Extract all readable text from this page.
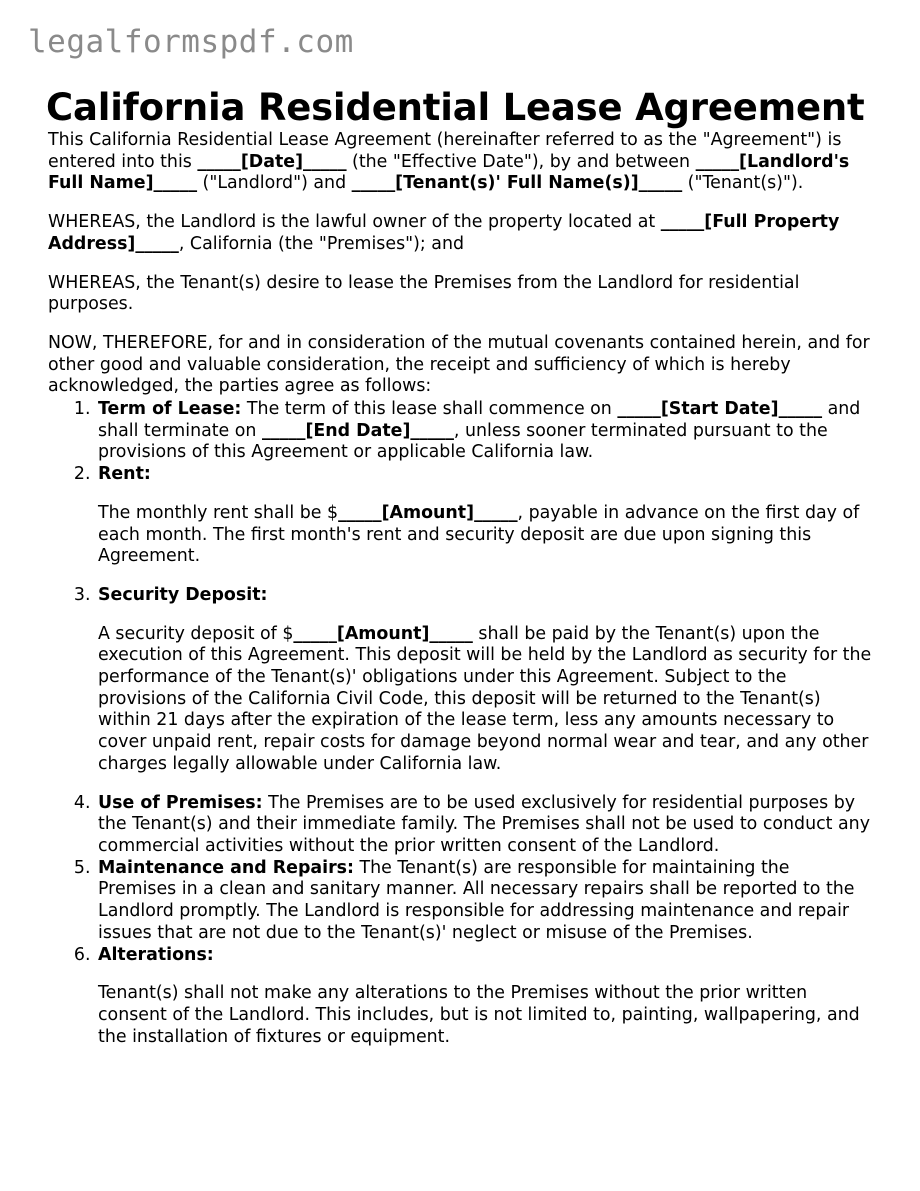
legalformspdf.com
California Residential Lease Agreement

This California Residential Lease Agreement (hereinafter referred to as the "Agreement") is entered into this _____[Date]_____ (the "Effective Date"), by and between _____[Landlord's Full Name]_____ ("Landlord") and _____[Tenant(s)' Full Name(s)]_____ ("Tenant(s)").

WHEREAS, the Landlord is the lawful owner of the property located at _____[Full Property Address]_____, California (the "Premises"); and

WHEREAS, the Tenant(s) desire to lease the Premises from the Landlord for residential purposes.

NOW, THEREFORE, for and in consideration of the mutual covenants contained herein, and for other good and valuable consideration, the receipt and sufficiency of which is hereby acknowledged, the parties agree as follows:

1. Term of Lease: The term of this lease shall commence on _____[Start Date]_____ and shall terminate on _____[End Date]_____, unless sooner terminated pursuant to the provisions of this Agreement or applicable California law.
2. Rent:

The monthly rent shall be $_____[Amount]_____, payable in advance on the first day of each month. The first month's rent and security deposit are due upon signing this Agreement.

3. Security Deposit:

A security deposit of $_____[Amount]_____ shall be paid by the Tenant(s) upon the execution of this Agreement. This deposit will be held by the Landlord as security for the performance of the Tenant(s)' obligations under this Agreement. Subject to the provisions of the California Civil Code, this deposit will be returned to the Tenant(s) within 21 days after the expiration of the lease term, less any amounts necessary to cover unpaid rent, repair costs for damage beyond normal wear and tear, and any other charges legally allowable under California law.

4. Use of Premises: The Premises are to be used exclusively for residential purposes by the Tenant(s) and their immediate family. The Premises shall not be used to conduct any commercial activities without the prior written consent of the Landlord.
5. Maintenance and Repairs: The Tenant(s) are responsible for maintaining the Premises in a clean and sanitary manner. All necessary repairs shall be reported to the Landlord promptly. The Landlord is responsible for addressing maintenance and repair issues that are not due to the Tenant(s)' neglect or misuse of the Premises.
6. Alterations:

Tenant(s) shall not make any alterations to the Premises without the prior written consent of the Landlord. This includes, but is not limited to, painting, wallpapering, and the installation of fixtures or equipment.
